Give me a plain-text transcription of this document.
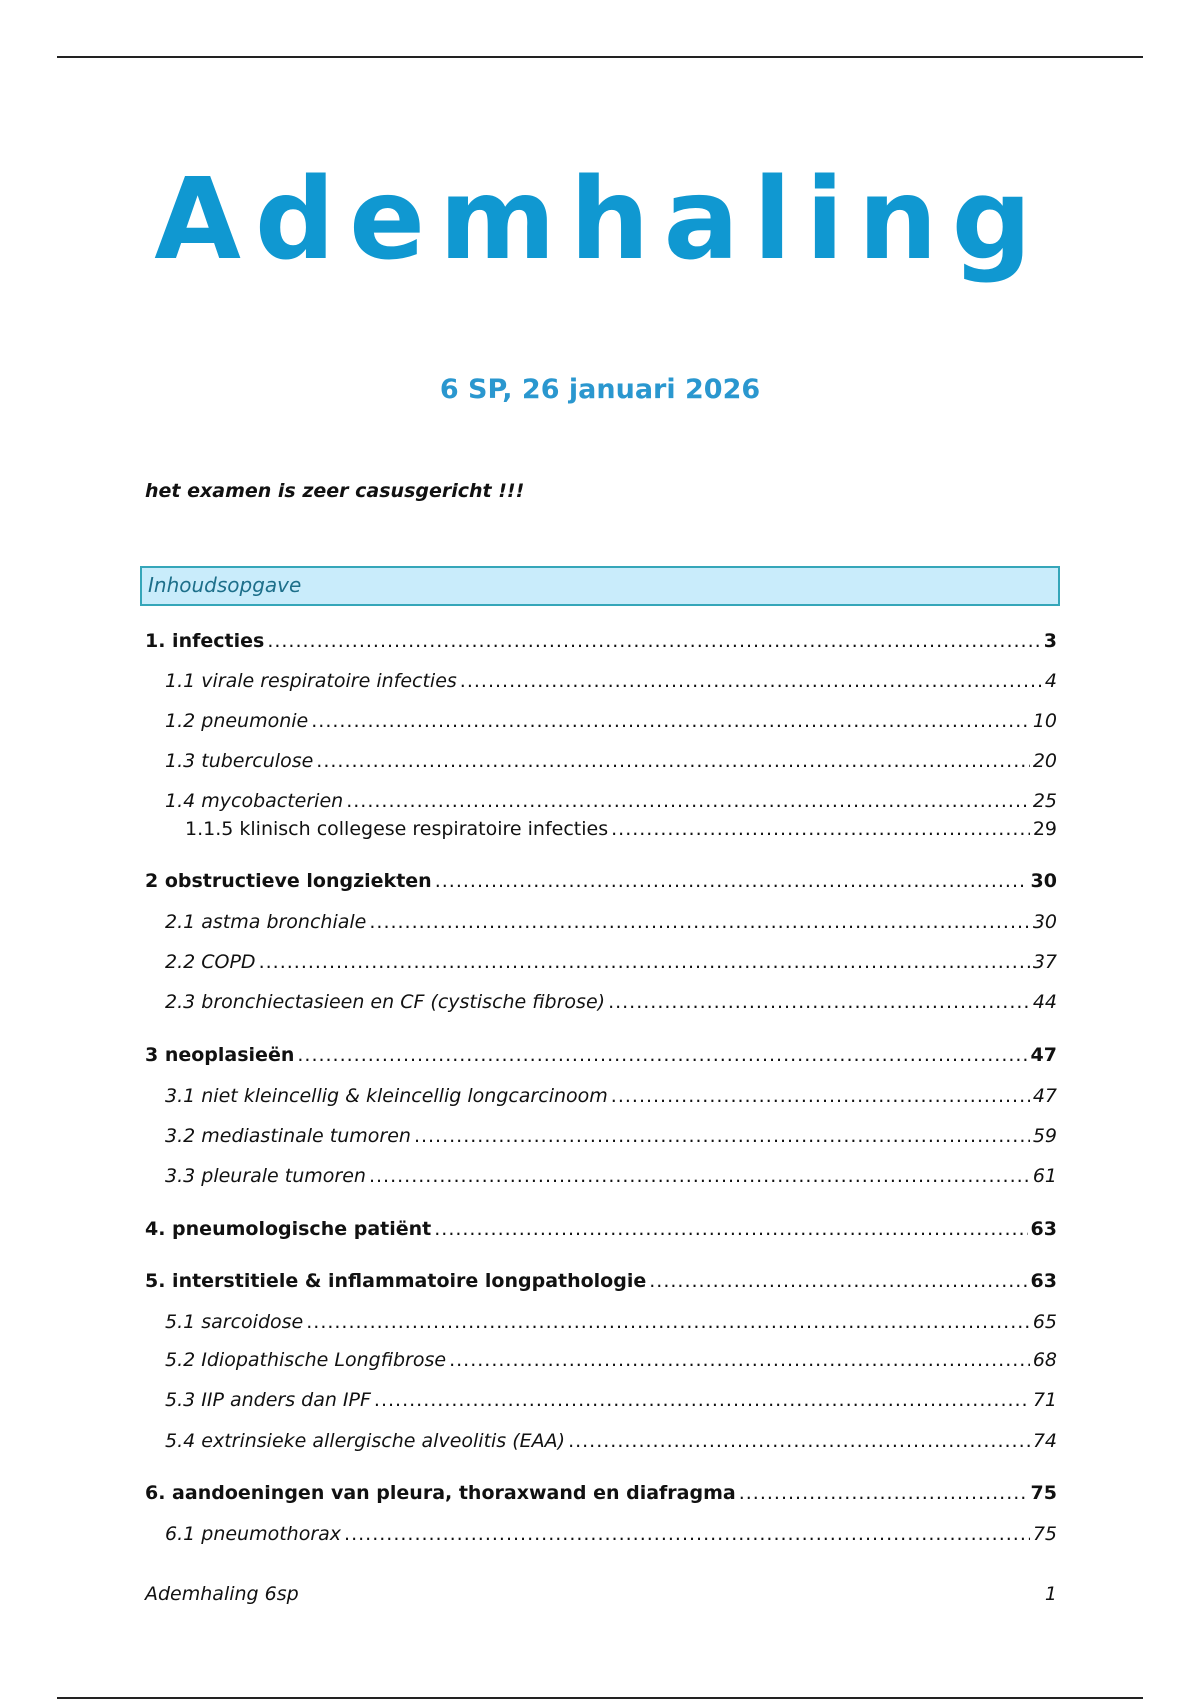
Ademhaling
6 SP, 26 januari 2026
het examen is zeer casusgericht !!!
Inhoudsopgave
1. infecties .....	3
1.1 virale respiratoire infecties .....	4
1.2 pneumonie .....	10
1.3 tuberculose .....	20
1.4 mycobacterien .....	25
1.1.5 klinisch collegese respiratoire infecties .....	29
2 obstructieve longziekten .....	30
2.1 astma bronchiale .....	30
2.2 COPD .....	37
2.3 bronchiectasieen en CF (cystische fibrose) .....	44
3 neoplasieën .....	47
3.1 niet kleincellig & kleincellig longcarcinoom .....	47
3.2 mediastinale tumoren .....	59
3.3 pleurale tumoren .....	61
4. pneumologische patiënt .....	63
5. interstitiele & inflammatoire longpathologie .....	63
5.1 sarcoidose .....	65
5.2 Idiopathische Longfibrose .....	68
5.3 IIP anders dan IPF .....	71
5.4 extrinsieke allergische alveolitis (EAA) .....	74
6. aandoeningen van pleura, thoraxwand en diafragma .....	75
6.1 pneumothorax .....	75
Ademhaling 6sp	1
